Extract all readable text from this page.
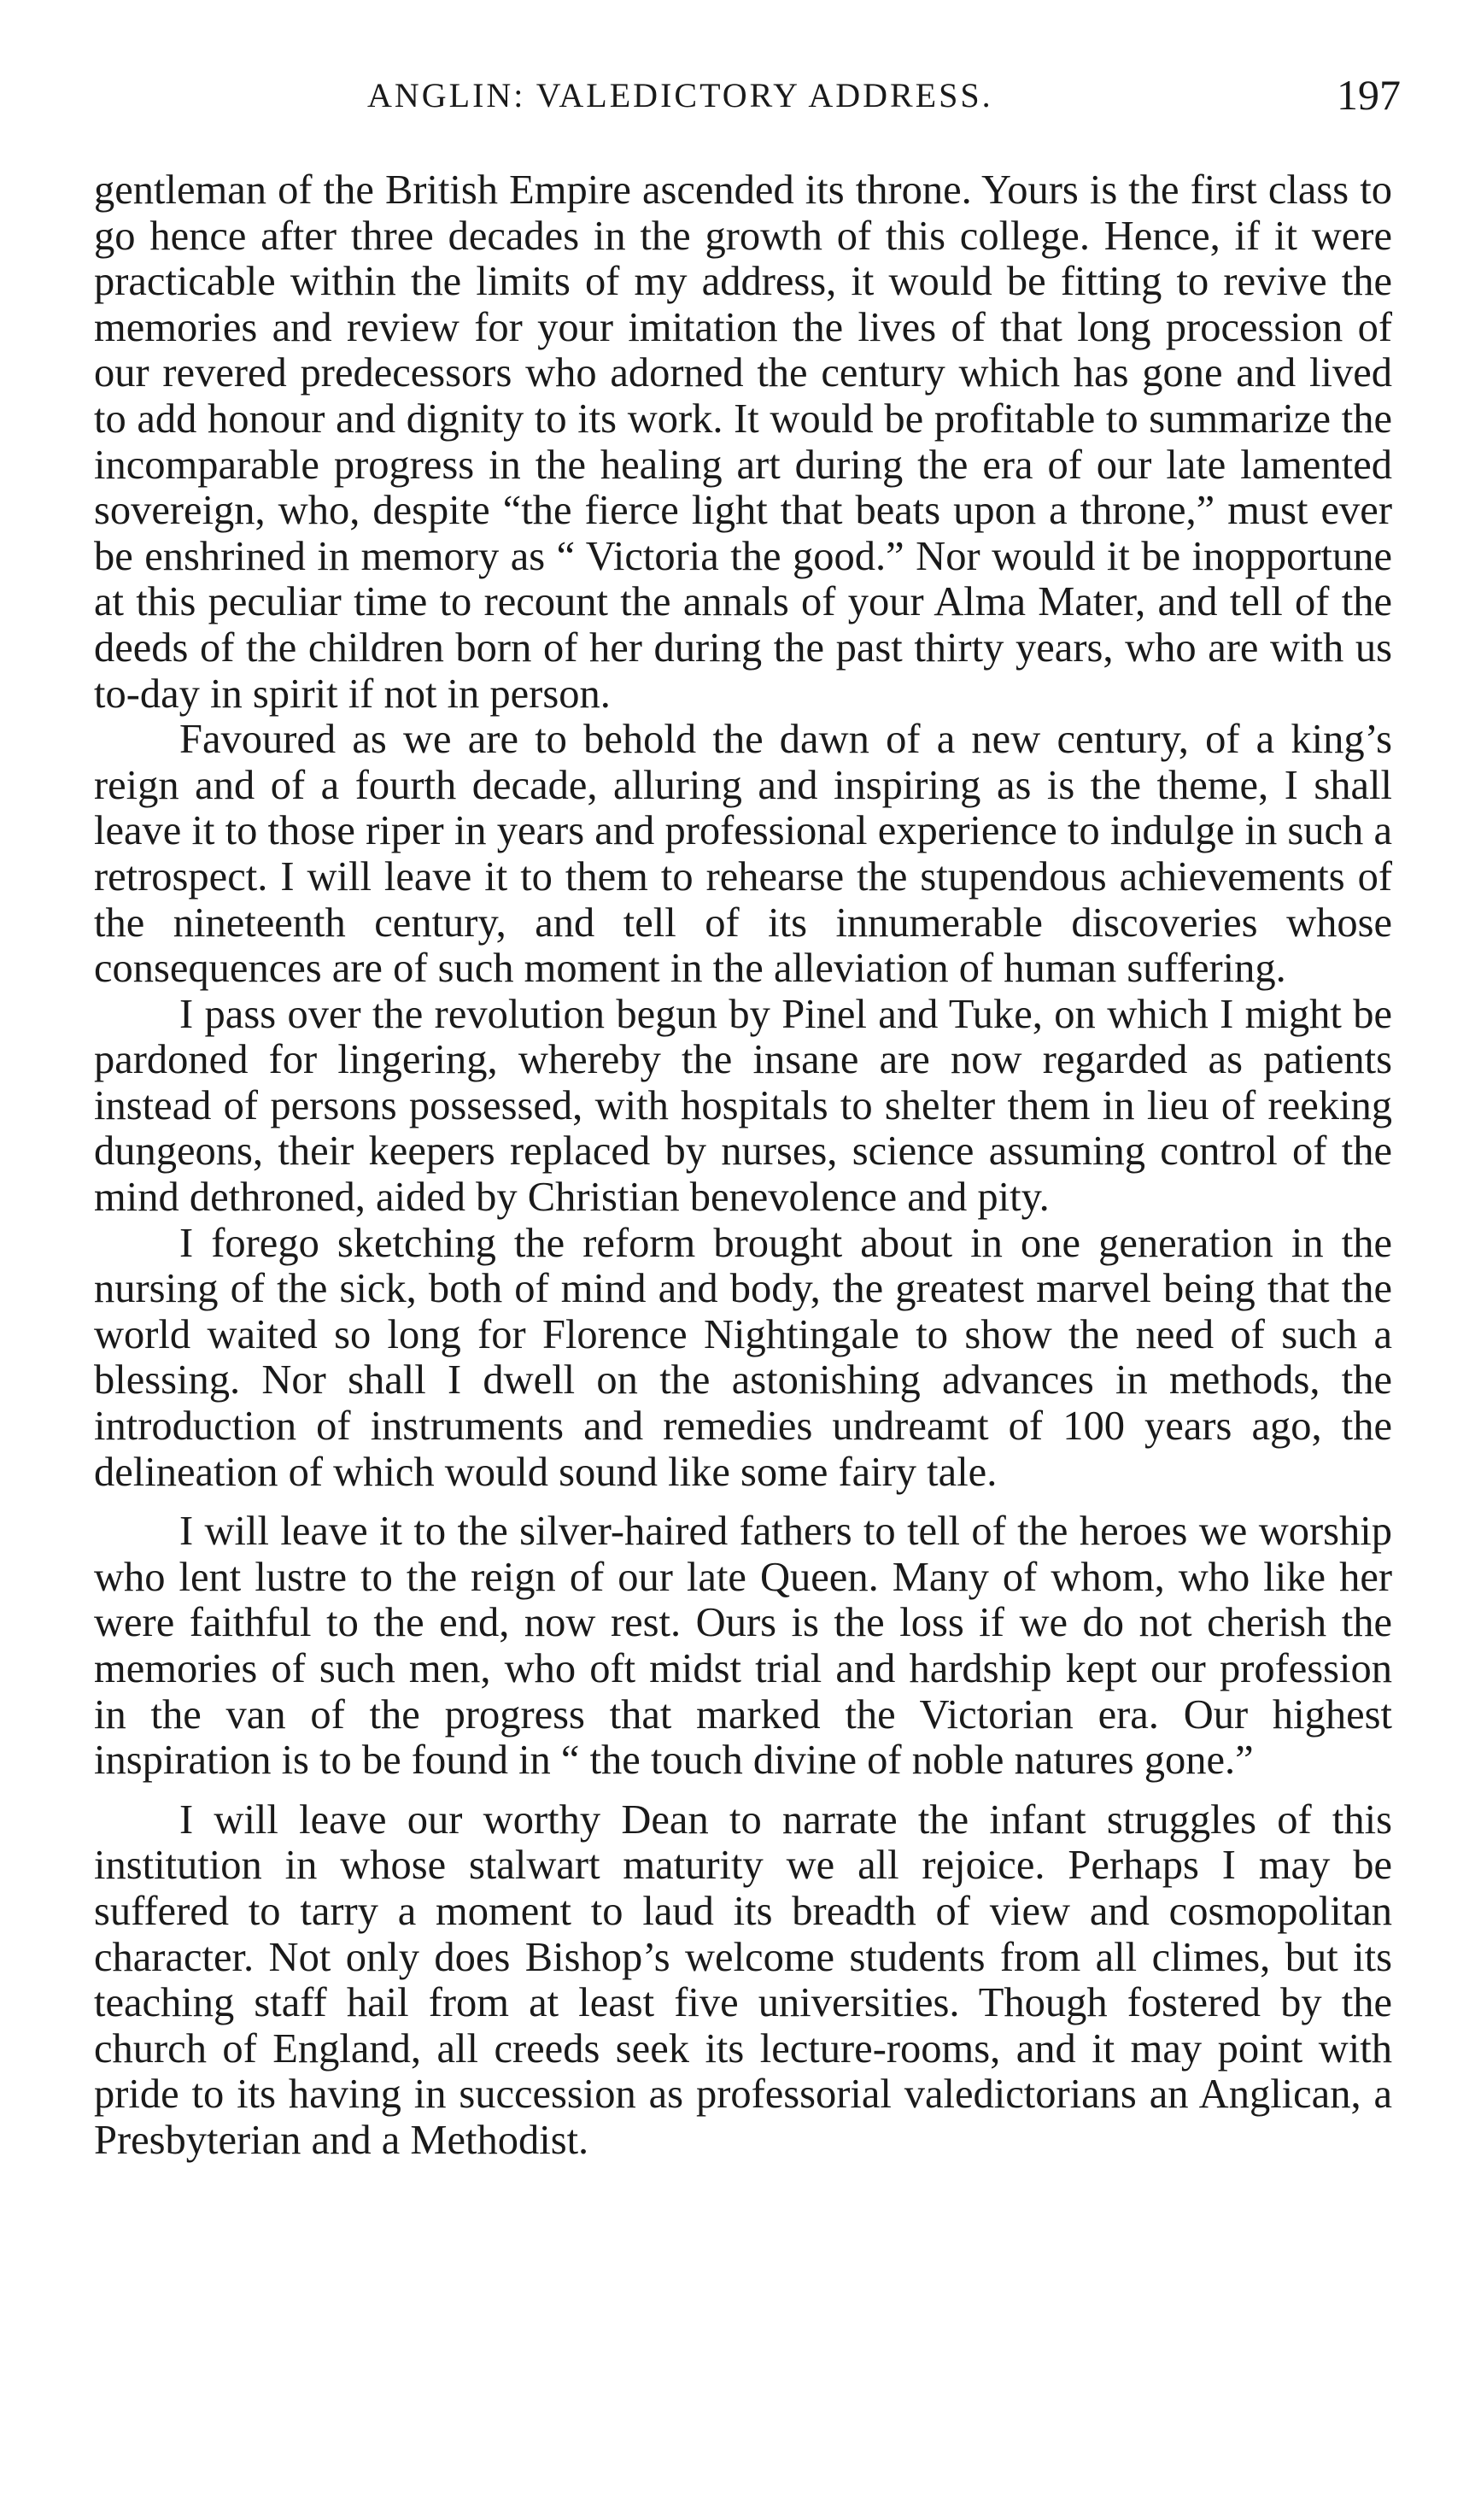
ANGLIN: VALEDICTORY ADDRESS.	197

gentleman of the British Empire ascended its throne. Yours is the first class to go hence after three decades in the growth of this college. Hence, if it were practicable within the limits of my address, it would be fitting to revive the memories and review for your imitation the lives of that long procession of our revered predecessors who adorned the century which has gone and lived to add honour and dignity to its work. It would be profitable to summarize the incomparable progress in the healing art during the era of our late lamented sovereign, who, despite “the fierce light that beats upon a throne,” must ever be enshrined in memory as “ Victoria the good.” Nor would it be inopportune at this peculiar time to recount the annals of your Alma Mater, and tell of the deeds of the children born of her during the past thirty years, who are with us to-day in spirit if not in person.

Favoured as we are to behold the dawn of a new century, of a king’s reign and of a fourth decade, alluring and inspiring as is the theme, I shall leave it to those riper in years and professional experience to indulge in such a retrospect. I will leave it to them to rehearse the stupendous achievements of the nineteenth century, and tell of its innumerable discoveries whose consequences are of such moment in the alleviation of human suffering.

I pass over the revolution begun by Pinel and Tuke, on which I might be pardoned for lingering, whereby the insane are now regarded as patients instead of persons possessed, with hospitals to shelter them in lieu of reeking dungeons, their keepers replaced by nurses, science assuming control of the mind dethroned, aided by Christian benevolence and pity.

I forego sketching the reform brought about in one generation in the nursing of the sick, both of mind and body, the greatest marvel being that the world waited so long for Florence Nightingale to show the need of such a blessing. Nor shall I dwell on the astonishing advances in methods, the introduction of instruments and remedies undreamt of 100 years ago, the delineation of which would sound like some fairy tale.

I will leave it to the silver-haired fathers to tell of the heroes we worship who lent lustre to the reign of our late Queen. Many of whom, who like her were faithful to the end, now rest. Ours is the loss if we do not cherish the memories of such men, who oft midst trial and hardship kept our profession in the van of the progress that marked the Victorian era. Our highest inspiration is to be found in “ the touch divine of noble natures gone.”

I will leave our worthy Dean to narrate the infant struggles of this institution in whose stalwart maturity we all rejoice. Perhaps I may be suffered to tarry a moment to laud its breadth of view and cosmopolitan character. Not only does Bishop’s welcome students from all climes, but its teaching staff hail from at least five universities. Though fostered by the church of England, all creeds seek its lecture-rooms, and it may point with pride to its having in succession as professorial valedictorians an Anglican, a Presbyterian and a Methodist.
